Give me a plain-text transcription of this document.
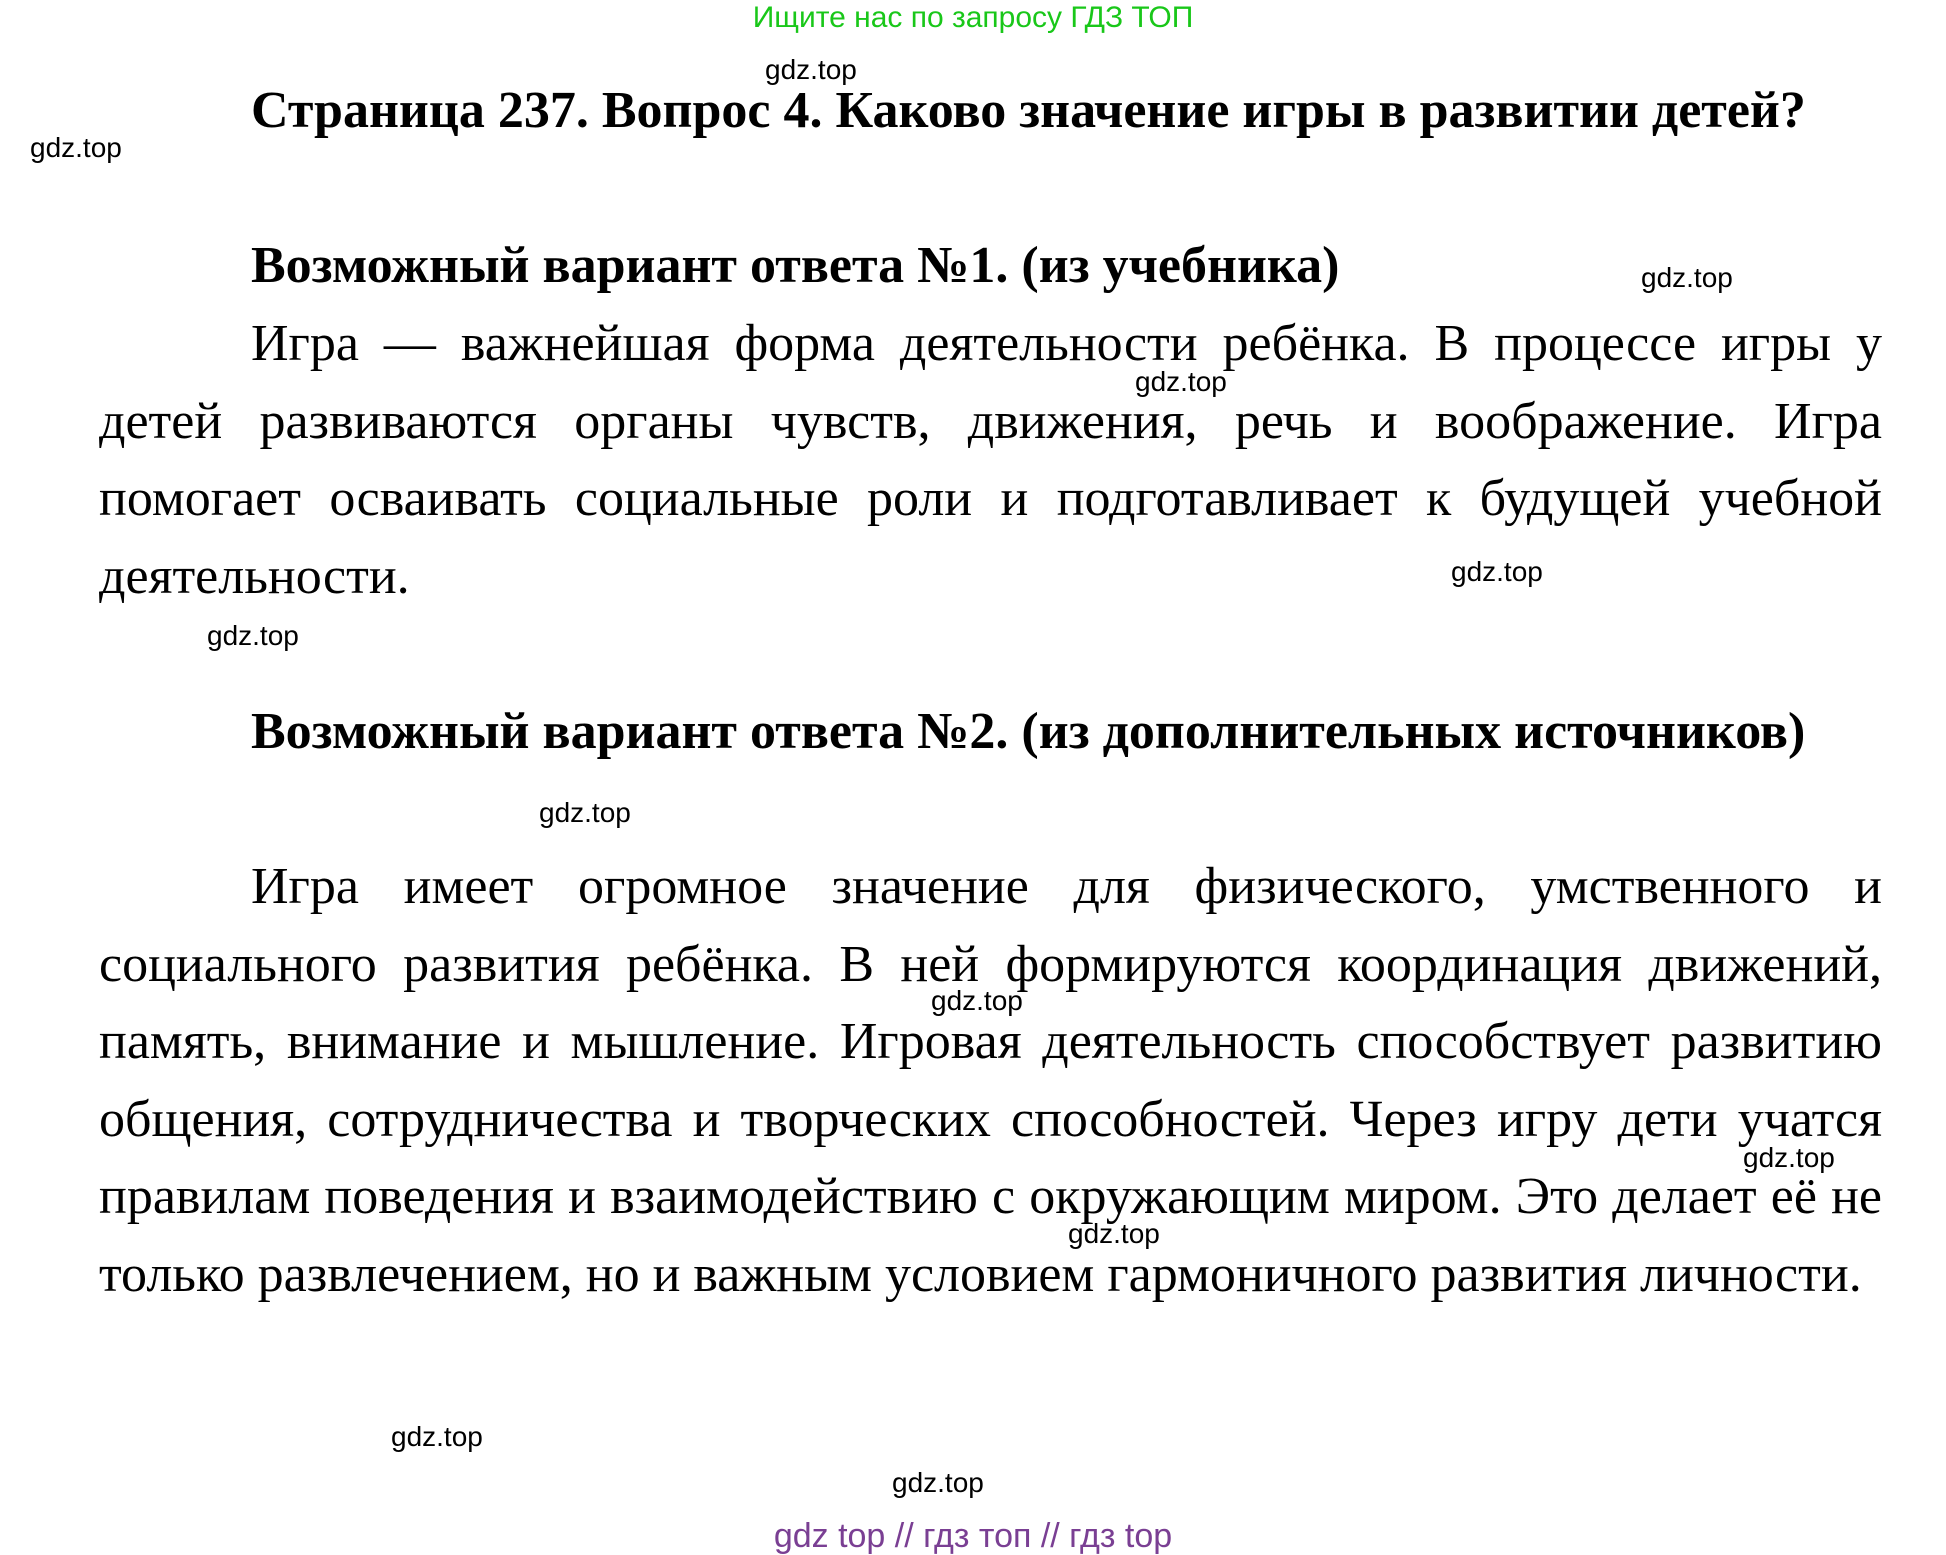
Ищите нас по запросу ГДЗ ТОП

Страница 237. Вопрос 4. Каково значение игры в развитии детей?

Возможный вариант ответа №1. (из учебника)

Игра — важнейшая форма деятельности ребёнка. В процессе игры у детей развиваются органы чувств, движения, речь и воображение. Игра помогает осваивать социальные роли и подготавливает к будущей учебной деятельности.

Возможный вариант ответа №2. (из дополнительных источников)

Игра имеет огромное значение для физического, умственного и социального развития ребёнка. В ней формируются координация движений, память, внимание и мышление. Игровая деятельность способствует развитию общения, сотрудничества и творческих способностей. Через игру дети учатся правилам поведения и взаимодействию с окружающим миром. Это делает её не только развлечением, но и важным условием гармоничного развития личности.

gdz.top
gdz.top
gdz.top
gdz.top
gdz.top
gdz.top
gdz.top
gdz.top
gdz.top
gdz.top
gdz.top
gdz.top
gdz top // гдз топ // гдз top
